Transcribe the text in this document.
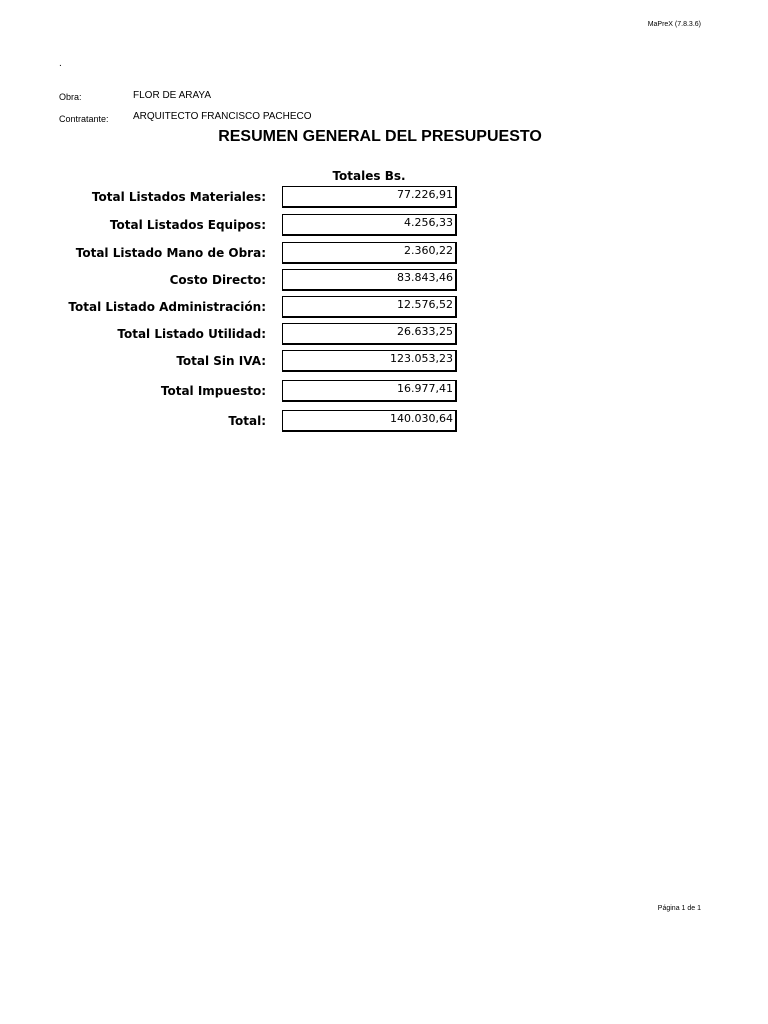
MaPreX (7.8.3.6)
.
Obra:	FLOR DE ARAYA
Contratante: ARQUITECTO FRANCISCO PACHECO
RESUMEN GENERAL DEL PRESUPUESTO
Totales Bs.
Total Listados Materiales:	77.226,91
Total Listados Equipos:	4.256,33
Total Listado Mano de Obra:	2.360,22
Costo Directo:	83.843,46
Total Listado Administración:	12.576,52
Total Listado Utilidad:	26.633,25
Total Sin IVA:	123.053,23
Total Impuesto:	16.977,41
Total:	140.030,64
Página 1 de 1
